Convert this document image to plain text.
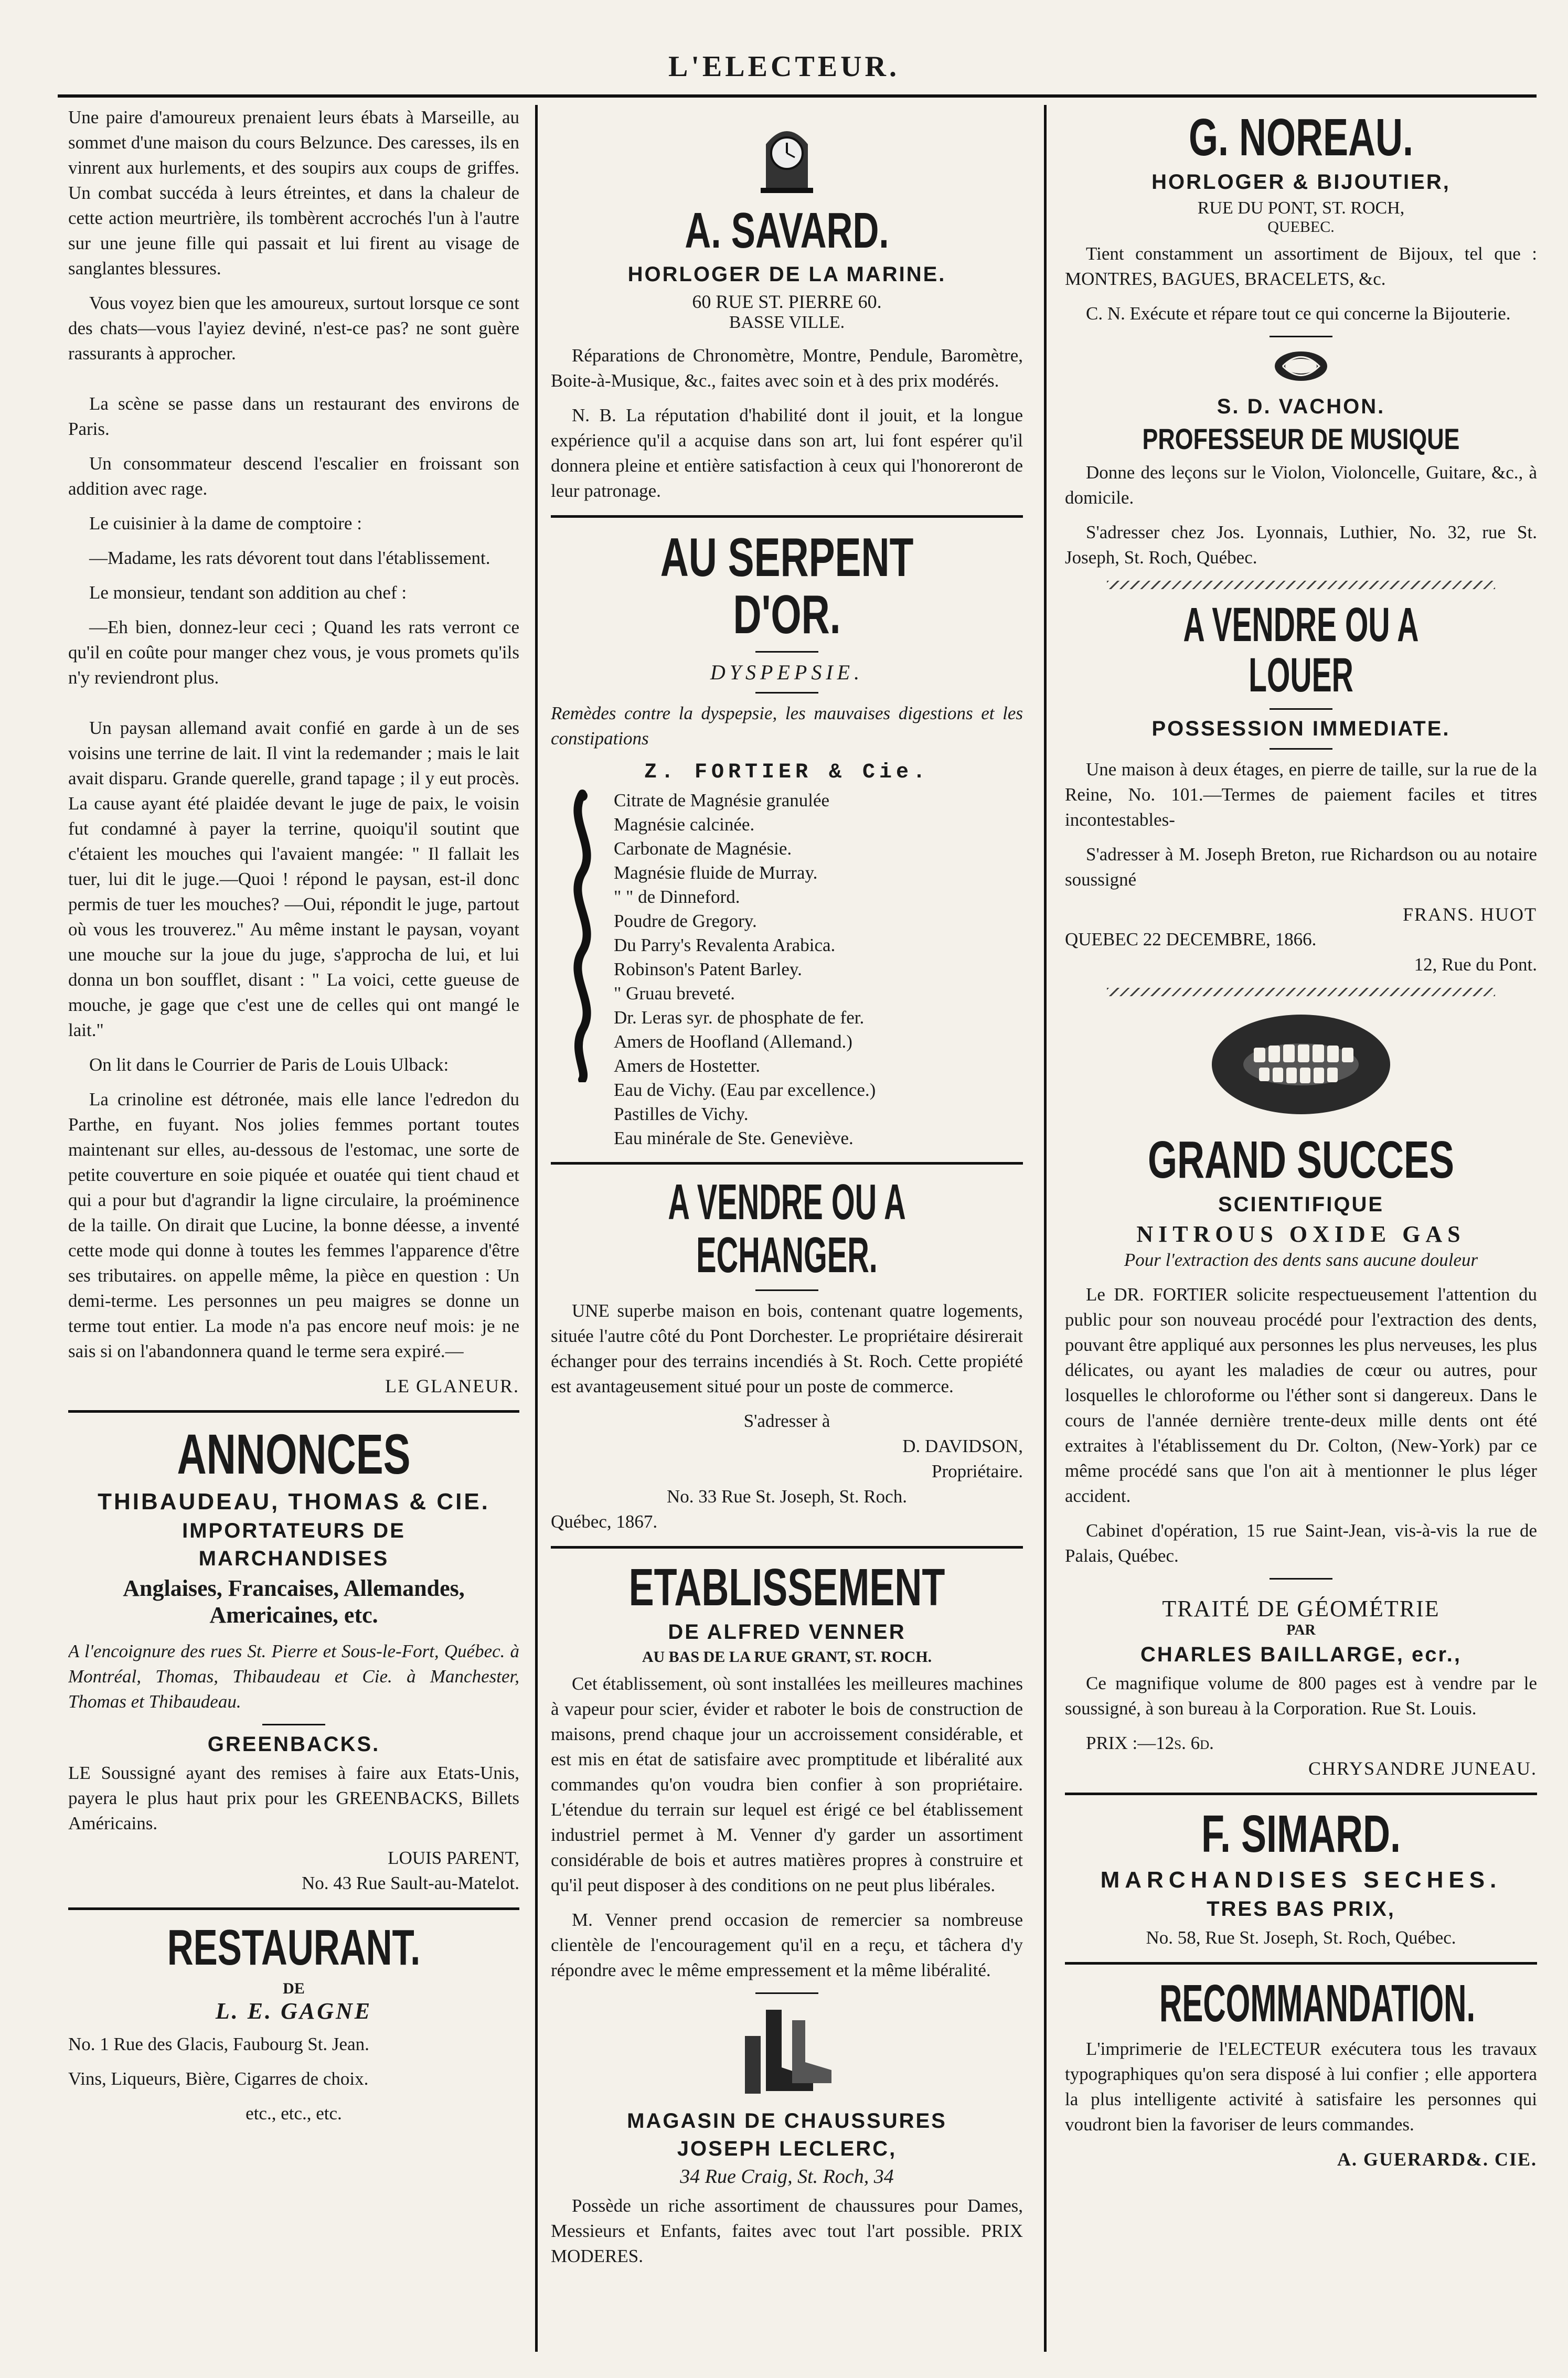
L'ELECTEUR.

Une paire d'amoureux prenaient leurs ébats à Marseille, au sommet d'une maison du cours Belzunce. Des caresses, ils en vinrent aux hurlements, et des soupirs aux coups de griffes. Un combat succéda à leurs étreintes, et dans la chaleur de cette action meurtrière, ils tombèrent accrochés l'un à l'autre sur une jeune fille qui passait et lui firent au visage de sanglantes blessures.

Vous voyez bien que les amoureux, surtout lorsque ce sont des chats—vous l'ayiez deviné, n'est-ce pas? ne sont guère rassurants à approcher.

La scène se passe dans un restaurant des environs de Paris.

Un consommateur descend l'escalier en froissant son addition avec rage.

Le cuisinier à la dame de comptoire :

—Madame, les rats dévorent tout dans l'établissement.

Le monsieur, tendant son addition au chef :

—Eh bien, donnez-leur ceci ; Quand les rats verront ce qu'il en coûte pour manger chez vous, je vous promets qu'ils n'y reviendront plus.

Un paysan allemand avait confié en garde à un de ses voisins une terrine de lait. Il vint la redemander ; mais le lait avait disparu. Grande querelle, grand tapage ; il y eut procès. La cause ayant été plaidée devant le juge de paix, le voisin fut condamné à payer la terrine, quoiqu'il soutint que c'étaient les mouches qui l'avaient mangée: " Il fallait les tuer, lui dit le juge.—Quoi ! répond le paysan, est-il donc permis de tuer les mouches? —Oui, répondit le juge, partout où vous les trouverez." Au même instant le paysan, voyant une mouche sur la joue du juge, s'approcha de lui, et lui donna un bon soufflet, disant : " La voici, cette gueuse de mouche, je gage que c'est une de celles qui ont mangé le lait."

On lit dans le Courrier de Paris de Louis Ulback:

La crinoline est détronée, mais elle lance l'edredon du Parthe, en fuyant. Nos jolies femmes portant toutes maintenant sur elles, au-dessous de l'estomac, une sorte de petite couverture en soie piquée et ouatée qui tient chaud et qui a pour but d'agrandir la ligne circulaire, la proéminence de la taille. On dirait que Lucine, la bonne déesse, a inventé cette mode qui donne à toutes les femmes l'apparence d'être ses tributaires. on appelle même, la pièce en question : Un demi-terme. Les personnes un peu maigres se donne un terme tout entier. La mode n'a pas encore neuf mois: je ne sais si on l'abandonnera quand le terme sera expiré.—

LE GLANEUR.

ANNONCES
THIBAUDEAU, THOMAS & CIE.
IMPORTATEURS DE
MARCHANDISES
Anglaises, Francaises, Allemandes,
Americaines, etc.

A l'encoignure des rues St. Pierre et Sous-le-Fort, Québec. à Montréal, Thomas, Thibaudeau et Cie. à Manchester, Thomas et Thibaudeau.

GREENBACKS.

LE Soussigné ayant des remises à faire aux Etats-Unis, payera le plus haut prix pour les GREENBACKS, Billets Américains.

LOUIS PARENT,

No. 43 Rue Sault-au-Matelot.

RESTAURANT.
DE
L. E. GAGNE

No. 1 Rue des Glacis, Faubourg St. Jean.

Vins, Liqueurs, Bière, Cigarres de choix.

etc., etc., etc.

A. SAVARD.
HORLOGER DE LA MARINE.
60 RUE ST. PIERRE 60.
BASSE VILLE.

Réparations de Chronomètre, Montre, Pendule, Baromètre, Boite-à-Musique, &c., faites avec soin et à des prix modérés.

N. B. La réputation d'habilité dont il jouit, et la longue expérience qu'il a acquise dans son art, lui font espérer qu'il donnera pleine et entière satisfaction à ceux qui l'honoreront de leur patronage.

AU SERPENT D'OR.
DYSPEPSIE.

Remèdes contre la dyspepsie, les mauvaises digestions et les constipations

Z. FORTIER & Cie.

Citrate de Magnésie granulée

Magnésie calcinée.

Carbonate de Magnésie.

Magnésie fluide de Murray.

" " de Dinneford.

Poudre de Gregory.

Du Parry's Revalenta Arabica.

Robinson's Patent Barley.

" Gruau breveté.

Dr. Leras syr. de phosphate de fer.

Amers de Hoofland (Allemand.)

Amers de Hostetter.

Eau de Vichy. (Eau par excellence.)

Pastilles de Vichy.

Eau minérale de Ste. Geneviève.

A VENDRE OU A ECHANGER.

UNE superbe maison en bois, contenant quatre logements, située l'autre côté du Pont Dorchester. Le propriétaire désirerait échanger pour des terrains incendiés à St. Roch. Cette propiété est avantageusement situé pour un poste de commerce.

S'adresser à

D. DAVIDSON,

Propriétaire.

No. 33 Rue St. Joseph, St. Roch.

Québec, 1867.

ETABLISSEMENT
DE ALFRED VENNER
AU BAS DE LA RUE GRANT, ST. ROCH.

Cet établissement, où sont installées les meilleures machines à vapeur pour scier, évider et raboter le bois de construction de maisons, prend chaque jour un accroissement considérable, et est mis en état de satisfaire avec promptitude et libéralité aux commandes qu'on voudra bien confier à son propriétaire. L'étendue du terrain sur lequel est érigé ce bel établissement industriel permet à M. Venner d'y garder un assortiment considérable de bois et autres matières propres à construire et qu'il peut disposer à des conditions on ne peut plus libérales.

M. Venner prend occasion de remercier sa nombreuse clientèle de l'encouragement qu'il en a reçu, et tâchera d'y répondre avec le même empressement et la même libéralité.

MAGASIN DE CHAUSSURES
JOSEPH LECLERC,
34 Rue Craig, St. Roch, 34

Possède un riche assortiment de chaussures pour Dames, Messieurs et Enfants, faites avec tout l'art possible. PRIX MODERES.

G. NOREAU.
HORLOGER & BIJOUTIER,
RUE DU PONT, ST. ROCH,
QUEBEC.

Tient constamment un assortiment de Bijoux, tel que : MONTRES, BAGUES, BRACELETS, &c.

C. N. Exécute et répare tout ce qui concerne la Bijouterie.

S. D. VACHON.
PROFESSEUR DE MUSIQUE

Donne des leçons sur le Violon, Violoncelle, Guitare, &c., à domicile.

S'adresser chez Jos. Lyonnais, Luthier, No. 32, rue St. Joseph, St. Roch, Québec.

A VENDRE OU A LOUER
POSSESSION IMMEDIATE.

Une maison à deux étages, en pierre de taille, sur la rue de la Reine, No. 101.—Termes de paiement faciles et titres incontestables-

S'adresser à M. Joseph Breton, rue Richardson ou au notaire soussigné

FRANS. HUOT

QUEBEC 22 DECEMBRE, 1866.

12, Rue du Pont.

GRAND SUCCES
SCIENTIFIQUE
NITROUS OXIDE GAS

Pour l'extraction des dents sans aucune douleur

Le DR. FORTIER solicite respectueusement l'attention du public pour son nouveau procédé pour l'extraction des dents, pouvant être appliqué aux personnes les plus nerveuses, les plus délicates, ou ayant les maladies de cœur ou autres, pour losquelles le chloroforme ou l'éther sont si dangereux. Dans le cours de l'année dernière trente-deux mille dents ont été extraites à l'établissement du Dr. Colton, (New-York) par ce même procédé sans que l'on ait à mentionner le plus léger accident.

Cabinet d'opération, 15 rue Saint-Jean, vis-à-vis la rue de Palais, Québec.

TRAITÉ DE GÉOMÉTRIE
PAR
CHARLES BAILLARGE, ecr.,

Ce magnifique volume de 800 pages est à vendre par le soussigné, à son bureau à la Corporation. Rue St. Louis.

PRIX :—12s. 6d.

CHRYSANDRE JUNEAU.

F. SIMARD.
MARCHANDISES SECHES.
TRES BAS PRIX,

No. 58, Rue St. Joseph, St. Roch, Québec.

RECOMMANDATION.

L'imprimerie de l'ELECTEUR exécutera tous les travaux typographiques qu'on sera disposé à lui confier ; elle apportera la plus intelligente activité à satisfaire les personnes qui voudront bien la favoriser de leurs commandes.

A. GUERARD&. CIE.
